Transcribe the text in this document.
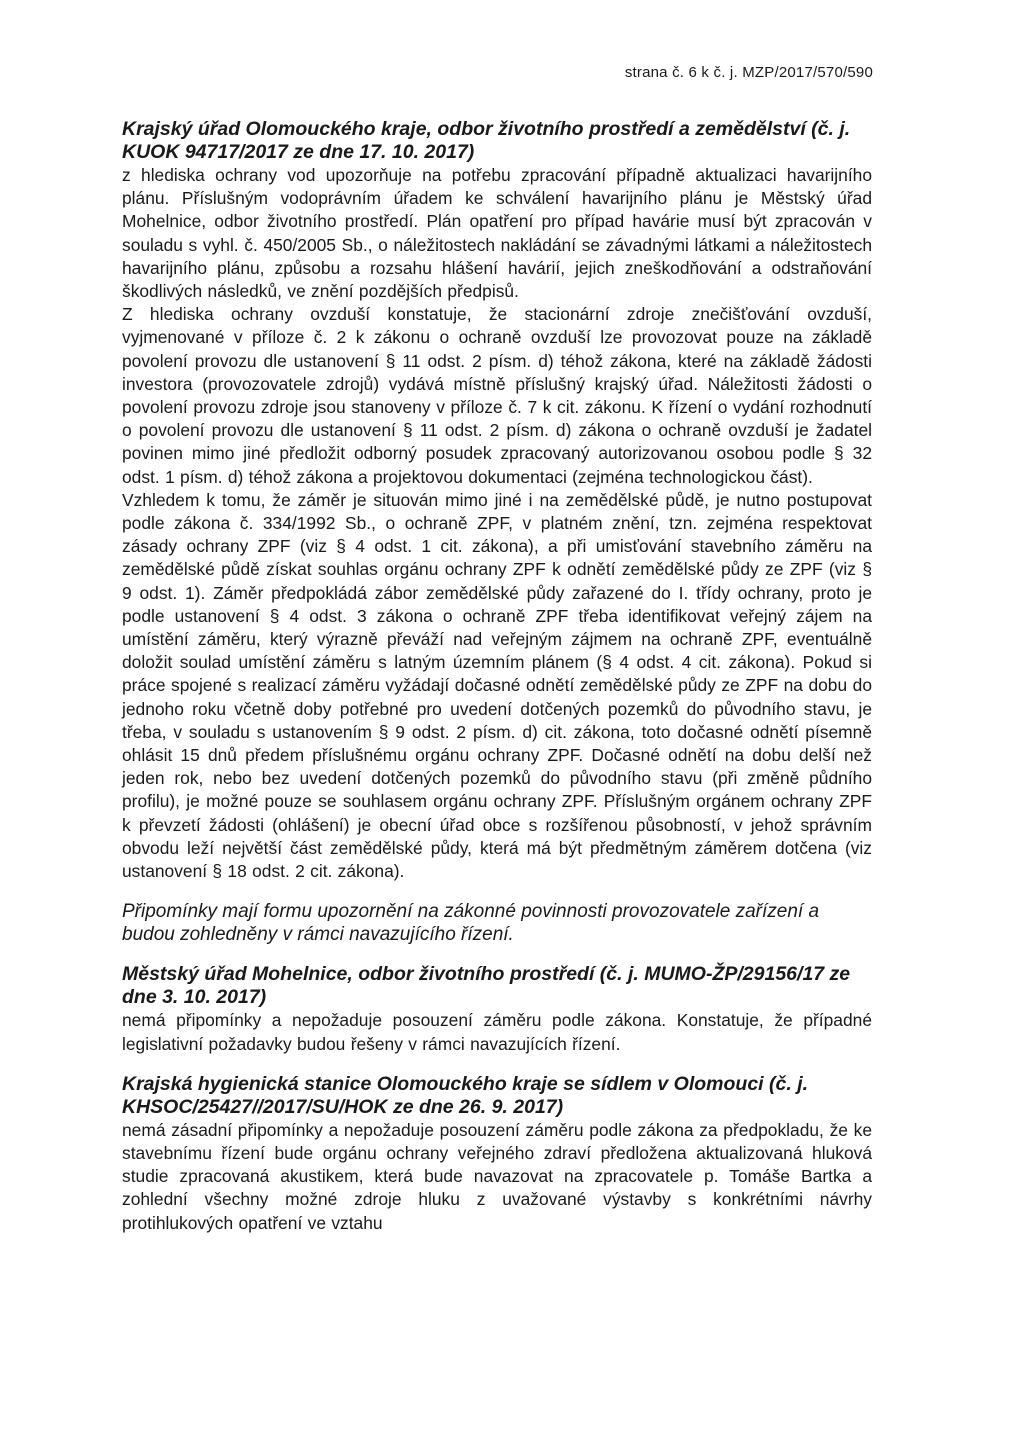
strana č. 6 k č. j. MZP/2017/570/590

Krajský úřad Olomouckého kraje, odbor životního prostředí a zemědělství (č. j. KUOK 94717/2017 ze dne 17. 10. 2017)

z hlediska ochrany vod upozorňuje na potřebu zpracování případně aktualizaci havarijního plánu. Příslušným vodoprávním úřadem ke schválení havarijního plánu je Městský úřad Mohelnice, odbor životního prostředí. Plán opatření pro případ havárie musí být zpracován v souladu s vyhl. č. 450/2005 Sb., o náležitostech nakládání se závadnými látkami a náležitostech havarijního plánu, způsobu a rozsahu hlášení havárií, jejich zneškodňování a odstraňování škodlivých následků, ve znění pozdějších předpisů.

Z hlediska ochrany ovzduší konstatuje, že stacionární zdroje znečišťování ovzduší, vyjmenované v příloze č. 2 k zákonu o ochraně ovzduší lze provozovat pouze na základě povolení provozu dle ustanovení § 11 odst. 2 písm. d) téhož zákona, které na základě žádosti investora (provozovatele zdrojů) vydává místně příslušný krajský úřad. Náležitosti žádosti o povolení provozu zdroje jsou stanoveny v příloze č. 7 k cit. zákonu. K řízení o vydání rozhodnutí o povolení provozu dle ustanovení § 11 odst. 2 písm. d) zákona o ochraně ovzduší je žadatel povinen mimo jiné předložit odborný posudek zpracovaný autorizovanou osobou podle § 32 odst. 1 písm. d) téhož zákona a projektovou dokumentaci (zejména technologickou část).

Vzhledem k tomu, že záměr je situován mimo jiné i na zemědělské půdě, je nutno postupovat podle zákona č. 334/1992 Sb., o ochraně ZPF, v platném znění, tzn. zejména respektovat zásady ochrany ZPF (viz § 4 odst. 1 cit. zákona), a při umisťování stavebního záměru na zemědělské půdě získat souhlas orgánu ochrany ZPF k odnětí zemědělské půdy ze ZPF (viz § 9 odst. 1). Záměr předpokládá zábor zemědělské půdy zařazené do I. třídy ochrany, proto je podle ustanovení § 4 odst. 3 zákona o ochraně ZPF třeba identifikovat veřejný zájem na umístění záměru, který výrazně převáží nad veřejným zájmem na ochraně ZPF, eventuálně doložit soulad umístění záměru s latným územním plánem (§ 4 odst. 4 cit. zákona). Pokud si práce spojené s realizací záměru vyžádají dočasné odnětí zemědělské půdy ze ZPF na dobu do jednoho roku včetně doby potřebné pro uvedení dotčených pozemků do původního stavu, je třeba, v souladu s ustanovením § 9 odst. 2 písm. d) cit. zákona, toto dočasné odnětí písemně ohlásit 15 dnů předem příslušnému orgánu ochrany ZPF. Dočasné odnětí na dobu delší než jeden rok, nebo bez uvedení dotčených pozemků do původního stavu (při změně půdního profilu), je možné pouze se souhlasem orgánu ochrany ZPF. Příslušným orgánem ochrany ZPF k převzetí žádosti (ohlášení) je obecní úřad obce s rozšířenou působností, v jehož správním obvodu leží největší část zemědělské půdy, která má být předmětným záměrem dotčena (viz ustanovení § 18 odst. 2 cit. zákona).

Připomínky mají formu upozornění na zákonné povinnosti provozovatele zařízení a budou zohledněny v rámci navazujícího řízení.

Městský úřad Mohelnice, odbor životního prostředí (č. j. MUMO-ŽP/29156/17 ze dne 3. 10. 2017)

nemá připomínky a nepožaduje posouzení záměru podle zákona. Konstatuje, že případné legislativní požadavky budou řešeny v rámci navazujících řízení.

Krajská hygienická stanice Olomouckého kraje se sídlem v Olomouci (č. j. KHSOC/25427//2017/SU/HOK ze dne 26. 9. 2017)

nemá zásadní připomínky a nepožaduje posouzení záměru podle zákona za předpokladu, že ke stavebnímu řízení bude orgánu ochrany veřejného zdraví předložena aktualizovaná hluková studie zpracovaná akustikem, která bude navazovat na zpracovatele p. Tomáše Bartka a zohlední všechny možné zdroje hluku z uvažované výstavby s konkrétními návrhy protihlukových opatření ve vztahu
